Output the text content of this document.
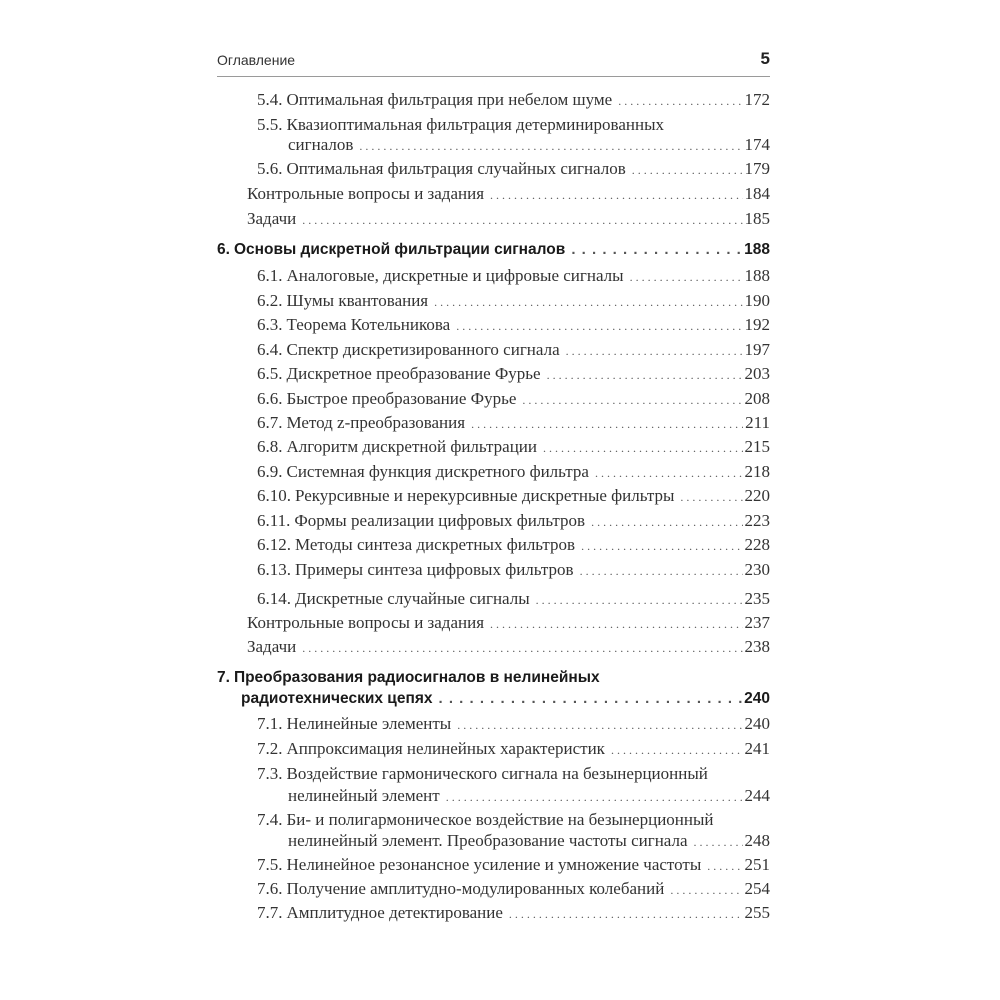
Оглавление	5
5.4. Оптимальная фильтрация при небелом шуме . . .	172
5.5. Квазиоптимальная фильтрация детерминированных
сигналов . . .	174
5.6. Оптимальная фильтрация случайных сигналов . . .	179
Контрольные вопросы и задания . . .	184
Задачи . . .	185
6. Основы дискретной фильтрации сигналов . . .	188
6.1. Аналоговые, дискретные и цифровые сигналы . . .	188
6.2. Шумы квантования . . .	190
6.3. Теорема Котельникова . . .	192
6.4. Спектр дискретизированного сигнала . . .	197
6.5. Дискретное преобразование Фурье . . .	203
6.6. Быстрое преобразование Фурье . . .	208
6.7. Метод z-преобразования . . .	211
6.8. Алгоритм дискретной фильтрации . . .	215
6.9. Системная функция дискретного фильтра . . .	218
6.10. Рекурсивные и нерекурсивные дискретные фильтры . . .	220
6.11. Формы реализации цифровых фильтров . . .	223
6.12. Методы синтеза дискретных фильтров . . .	228
6.13. Примеры синтеза цифровых фильтров . . .	230
6.14. Дискретные случайные сигналы . . .	235
Контрольные вопросы и задания . . .	237
Задачи . . .	238
7. Преобразования радиосигналов в нелинейных
радиотехнических цепях . . .	240
7.1. Нелинейные элементы . . .	240
7.2. Аппроксимация нелинейных характеристик . . .	241
7.3. Воздействие гармонического сигнала на безынерционный
нелинейный элемент . . .	244
7.4. Би- и полигармоническое воздействие на безынерционный
нелинейный элемент. Преобразование частоты сигнала . . .	248
7.5. Нелинейное резонансное усиление и умножение частоты . . .	251
7.6. Получение амплитудно-модулированных колебаний . . .	254
7.7. Амплитудное детектирование . . .	255
